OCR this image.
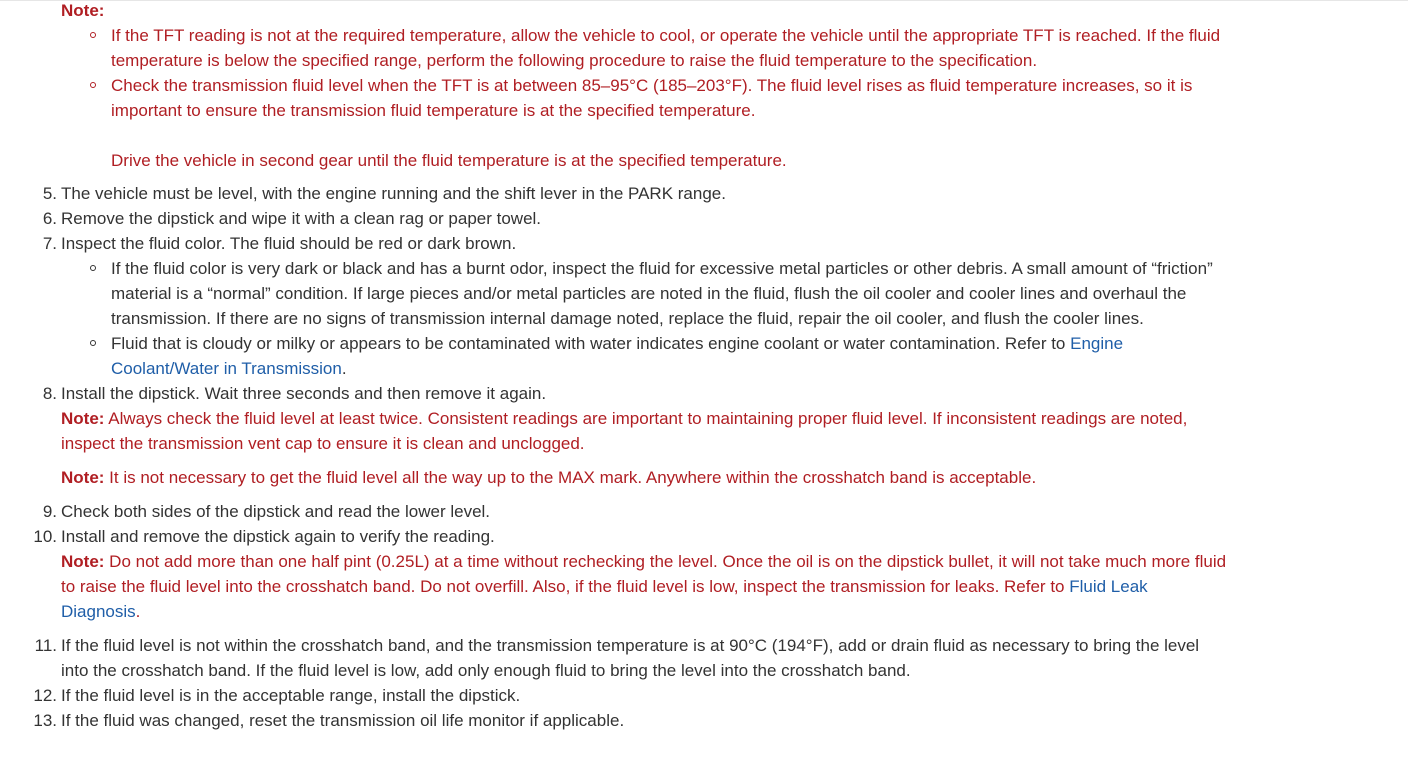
Note:
If the TFT reading is not at the required temperature, allow the vehicle to cool, or operate the vehicle until the appropriate TFT is reached. If the fluid temperature is below the specified range, perform the following procedure to raise the fluid temperature to the specification.
Check the transmission fluid level when the TFT is at between 85–95°C (185–203°F). The fluid level rises as fluid temperature increases, so it is important to ensure the transmission fluid temperature is at the specified temperature.
Drive the vehicle in second gear until the fluid temperature is at the specified temperature.
5. The vehicle must be level, with the engine running and the shift lever in the PARK range.
6. Remove the dipstick and wipe it with a clean rag or paper towel.
7. Inspect the fluid color. The fluid should be red or dark brown.
If the fluid color is very dark or black and has a burnt odor, inspect the fluid for excessive metal particles or other debris. A small amount of “friction” material is a “normal” condition. If large pieces and/or metal particles are noted in the fluid, flush the oil cooler and cooler lines and overhaul the transmission. If there are no signs of transmission internal damage noted, replace the fluid, repair the oil cooler, and flush the cooler lines.
Fluid that is cloudy or milky or appears to be contaminated with water indicates engine coolant or water contamination. Refer to Engine Coolant/Water in Transmission.
8. Install the dipstick. Wait three seconds and then remove it again.
Note: Always check the fluid level at least twice. Consistent readings are important to maintaining proper fluid level. If inconsistent readings are noted, inspect the transmission vent cap to ensure it is clean and unclogged.
Note: It is not necessary to get the fluid level all the way up to the MAX mark. Anywhere within the crosshatch band is acceptable.
9. Check both sides of the dipstick and read the lower level.
10. Install and remove the dipstick again to verify the reading.
Note: Do not add more than one half pint (0.25L) at a time without rechecking the level. Once the oil is on the dipstick bullet, it will not take much more fluid to raise the fluid level into the crosshatch band. Do not overfill. Also, if the fluid level is low, inspect the transmission for leaks. Refer to Fluid Leak Diagnosis.
11. If the fluid level is not within the crosshatch band, and the transmission temperature is at 90°C (194°F), add or drain fluid as necessary to bring the level into the crosshatch band. If the fluid level is low, add only enough fluid to bring the level into the crosshatch band.
12. If the fluid level is in the acceptable range, install the dipstick.
13. If the fluid was changed, reset the transmission oil life monitor if applicable.
